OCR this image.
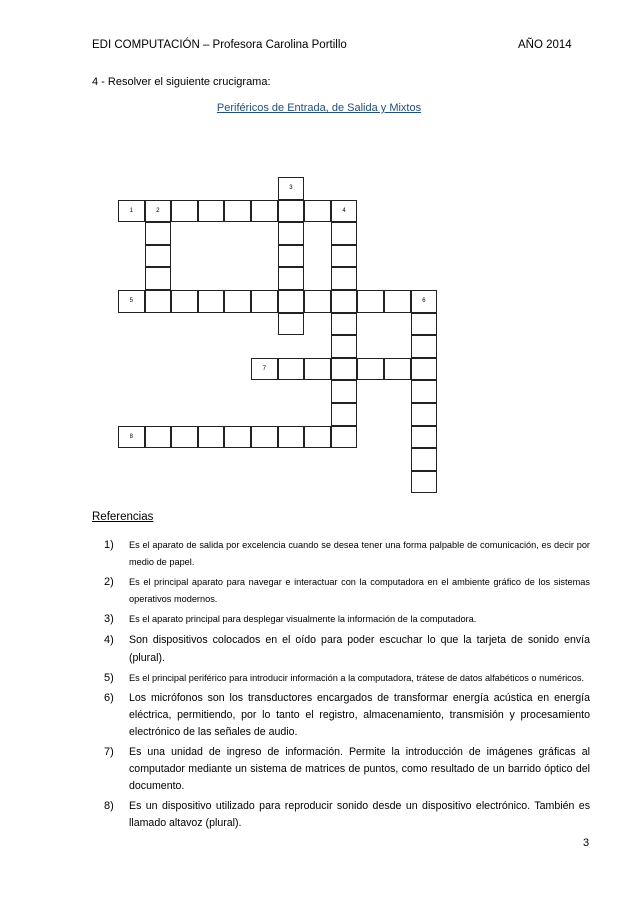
EDI COMPUTACIÓN – Profesora Carolina Portillo	AÑO 2014
4 - Resolver el siguiente crucigrama:
Periféricos de Entrada, de Salida y Mixtos
3
1	2	4
5	6
7
8
Referencias
1) Es el aparato de salida por excelencia cuando se desea tener una forma palpable de comunicación, es decir por medio de papel.
2) Es el principal aparato para navegar e interactuar con la computadora en el ambiente gráfico de los sistemas operativos modernos.
3) Es el aparato principal para desplegar visualmente la información de la computadora.
4) Son dispositivos colocados en el oído para poder escuchar lo que la tarjeta de sonido envía (plural).
5) Es el principal periférico para introducir información a la computadora, trátese de datos alfabéticos o numéricos.
6) Los micrófonos son los transductores encargados de transformar energía acústica en energía eléctrica, permitiendo, por lo tanto el registro, almacenamiento, transmisión y procesamiento electrónico de las señales de audio.
7) Es una unidad de ingreso de información. Permite la introducción de imágenes gráficas al computador mediante un sistema de matrices de puntos, como resultado de un barrido óptico del documento.
8) Es un dispositivo utilizado para reproducir sonido desde un dispositivo electrónico. También es llamado altavoz (plural).
3
